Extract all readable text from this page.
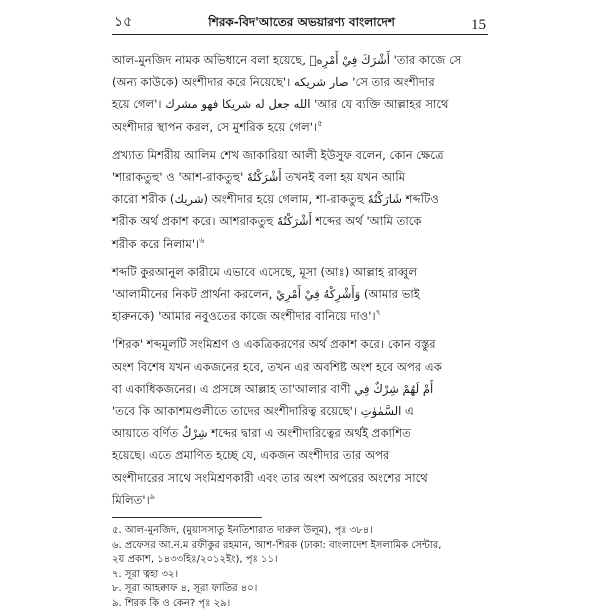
১৫	শিরক-বিদ'আতের অভয়ারণ্য বাংলাদেশ	15

আল-মুনজিদ নামক অভিধানে বলা হয়েছে, أَشْرَكَ فِيْ أَمْرِهٖ 'তার কাজে সে
(অন্য কাউকে) অংশীদার করে নিয়েছে'। صار شريكه 'সে তার অংশীদার
হয়ে গেল'। الله جعل له شريكا فهو مشرك 'আর যে ব্যক্তি আল্লাহর সাথে
অংশীদার স্থাপন করল, সে মুশরিক হয়ে গেল'।$^৫$

প্রখ্যাত মিশরীয় আলিম শেখ জাকারিয়া আলী ইউসুফ বলেন, কোন ক্ষেত্রে
'শারাকতুহু' ও 'আশ-রাকতুহু' أَشْرَكْتُهٗ তখনই বলা হয় যখন আমি
কারো শরীক (شريك) অংশীদার হয়ে গেলাম, শা-রাকতুহু شَارَكْتُهٗ শব্দটিও
শরীক অর্থ প্রকাশ করে। আশরাকতুহু أَشْرَكْتُهٗ শব্দের অর্থ 'আমি তাকে
শরীক করে নিলাম'।$^৬$

শব্দটি কুরআনুল কারীমে এভাবে এসেছে, মূসা (আঃ) আল্লাহ রাব্বুল
'আলামীনের নিকট প্রার্থনা করলেন, وَأَشْرِكْهُ فِيْ أَمْرِيْ (আমার ভাই
হারুনকে) 'আমার নবুওতের কাজে অংশীদার বানিয়ে দাও'।$^৭$

'শিরক' শব্দমূলটি সংমিশ্রণ ও একত্রিকরণের অর্থ প্রকাশ করে। কোন বস্তুর
অংশ বিশেষ যখন একজনের হবে, তখন এর অবশিষ্ট অংশ হবে অপর এক
বা একাধিকজনের। এ প্রসঙ্গে আল্লাহ তা'আলার বাণী أَمْ لَهُمْ شِرْكٌ فِي
'তবে কি আকাশমণ্ডলীতে তাদের অংশীদারিত্ব রয়েছে'। السَّمٰوٰتِ এ
আয়াতে বর্ণিত شِرْكٌ শব্দের দ্বারা এ অংশীদারিত্বের অর্থই প্রকাশিত
হয়েছে। এতে প্রমাণিত হচ্ছে যে, একজন অংশীদার তার অপর
অংশীদারের সাথে সংমিশ্রণকারী এবং তার অংশ অপরের অংশের সাথে
মিলিত'।$^৯$

৫. আল-মুনজিদ, (মুয়াসসাতু ইনতিশারাত দারুল উলূম), পৃঃ ৩৮৪।
৬. প্রফেসর আ.ন.ম রফীকুর রহমান, আশ-শিরক (ঢাকা: বাংলাদেশ ইসলামিক সেন্টার,
২য় প্রকাশ, ১৪৩৩হিঃ/২০১২ইং), পৃঃ ১১।
৭. সূরা ত্বহা ৩২।
৮. সূরা আহক্বাফ ৪, সূরা ফাতির ৪০।
৯. শিরক কি ও কেন? পৃঃ ২৯।
